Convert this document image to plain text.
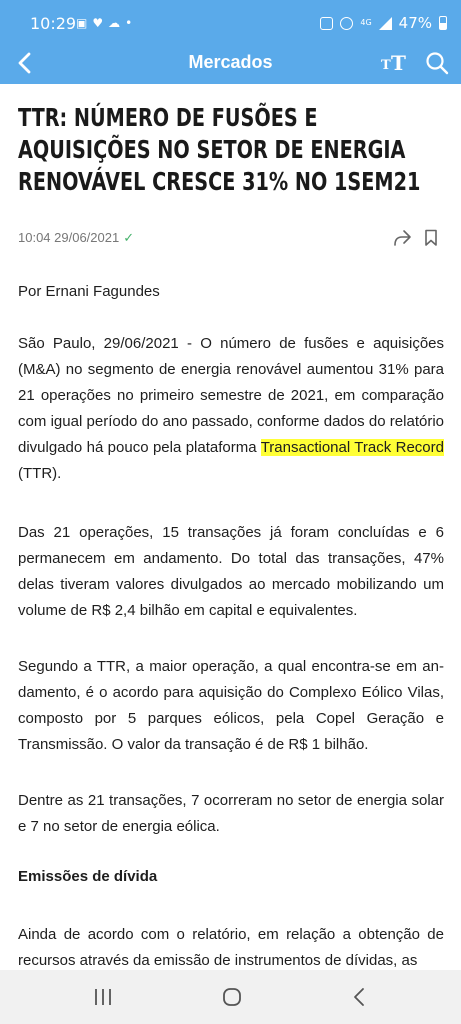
10:29 ▣♥☁•	4G 47%
Mercados	T T
TTR: NÚMERO DE FUSÕES E AQUISIÇÕES NO SETOR DE ENERGIA RENOVÁVEL CRESCE 31% NO 1SEM21
10:04 29/06/2021 ✓

Por Ernani Fagundes

São Paulo, 29/06/2021 - O número de fusões e aquisições (M&A) no segmento de energia renovável aumentou 31% para 21 operações no primeiro semestre de 2021, em comparação com igual período do ano passado, conforme dados do relatório divulgado há pouco pela plataforma Transactional Track Record (TTR).

Das 21 operações, 15 transações já foram concluídas e 6 permanecem em andamento. Do total das transações, 47% delas tiveram valores divulgados ao mercado mobilizando um volume de R$ 2,4 bilhão em capital e equivalentes.

Segundo a TTR, a maior operação, a qual encontra-se em andamento, é o acordo para aquisição do Complexo Eólico Vilas, composto por 5 parques eólicos, pela Copel Geração e Transmissão. O valor da transação é de R$ 1 bilhão.

Dentre as 21 transações, 7 ocorreram no setor de energia solar e 7 no setor de energia eólica.

Emissões de dívida

Ainda de acordo com o relatório, em relação a obtenção de recursos através da emissão de instrumentos de dívidas, as
